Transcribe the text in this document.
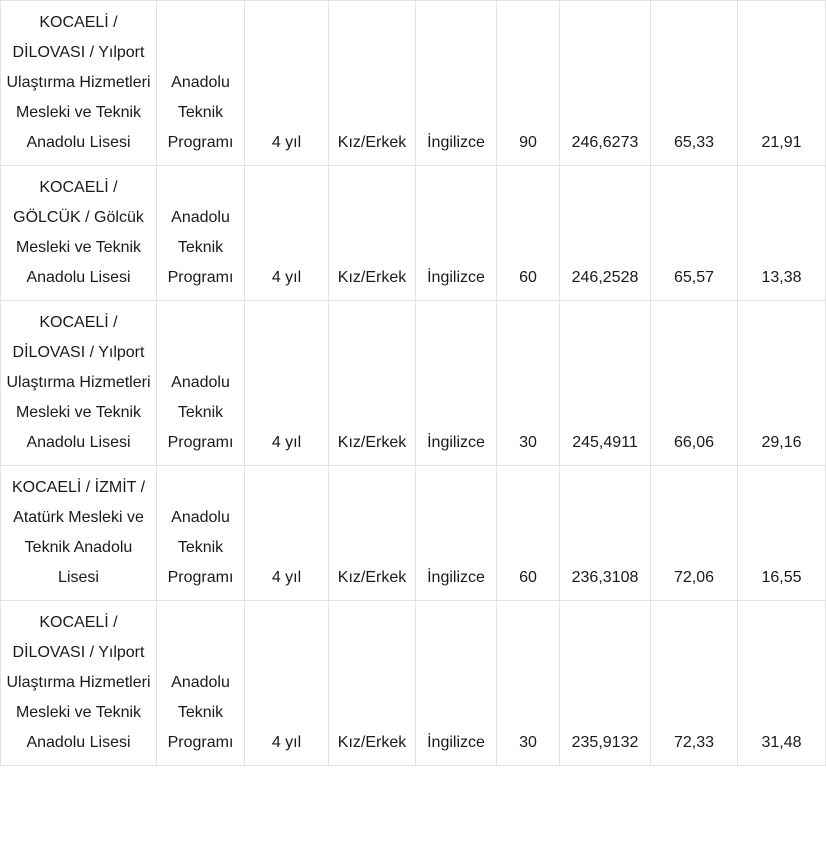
KOCAELİ / DİLOVASI / Yılport Ulaştırma Hizmetleri Mesleki ve Teknik Anadolu Lisesi	Anadolu Teknik Programı	4 yıl	Kız/Erkek	İngilizce	90	246,6273	65,33	21,91
KOCAELİ / GÖLCÜK / Gölcük Mesleki ve Teknik Anadolu Lisesi	Anadolu Teknik Programı	4 yıl	Kız/Erkek	İngilizce	60	246,2528	65,57	13,38
KOCAELİ / DİLOVASI / Yılport Ulaştırma Hizmetleri Mesleki ve Teknik Anadolu Lisesi	Anadolu Teknik Programı	4 yıl	Kız/Erkek	İngilizce	30	245,4911	66,06	29,16
KOCAELİ / İZMİT / Atatürk Mesleki ve Teknik Anadolu Lisesi	Anadolu Teknik Programı	4 yıl	Kız/Erkek	İngilizce	60	236,3108	72,06	16,55
KOCAELİ / DİLOVASI / Yılport Ulaştırma Hizmetleri Mesleki ve Teknik Anadolu Lisesi	Anadolu Teknik Programı	4 yıl	Kız/Erkek	İngilizce	30	235,9132	72,33	31,48
